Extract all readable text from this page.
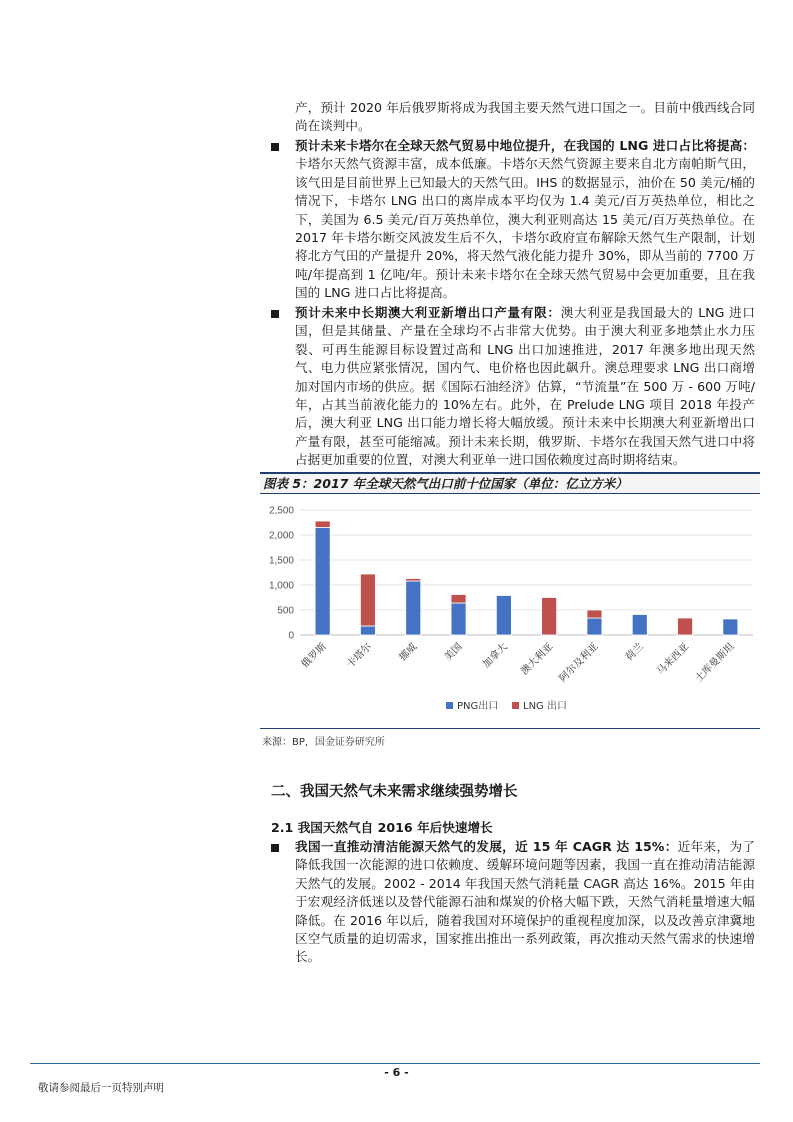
产，预计 2020 年后俄罗斯将成为我国主要天然气进口国之一。目前中俄西线合同尚在谈判中。

预计未来卡塔尔在全球天然气贸易中地位提升，在我国的 LNG 进口占比将提高：卡塔尔天然气资源丰富，成本低廉。卡塔尔天然气资源主要来自北方南帕斯气田，该气田是目前世界上已知最大的天然气田。IHS 的数据显示，油价在 50 美元/桶的情况下，卡塔尔 LNG 出口的离岸成本平均仅为 1.4 美元/百万英热单位，相比之下，美国为 6.5 美元/百万英热单位，澳大利亚则高达 15 美元/百万英热单位。在 2017 年卡塔尔断交风波发生后不久，卡塔尔政府宣布解除天然气生产限制，计划将北方气田的产量提升 20%，将天然气液化能力提升 30%，即从当前的 7700 万吨/年提高到 1 亿吨/年。预计未来卡塔尔在全球天然气贸易中会更加重要，且在我国的 LNG 进口占比将提高。

预计未来中长期澳大利亚新增出口产量有限：澳大利亚是我国最大的 LNG 进口国，但是其储量、产量在全球均不占非常大优势。由于澳大利亚多地禁止水力压裂、可再生能源目标设置过高和 LNG 出口加速推进，2017 年澳多地出现天然气、电力供应紧张情况，国内气、电价格也因此飙升。澳总理要求 LNG 出口商增加对国内市场的供应。据《国际石油经济》估算，“节流量”在 500 万 - 600 万吨/年，占其当前液化能力的 10%左右。此外，在 Prelude LNG 项目 2018 年投产后，澳大利亚 LNG 出口能力增长将大幅放缓。预计未来中长期澳大利亚新增出口产量有限，甚至可能缩减。预计未来长期，俄罗斯、卡塔尔在我国天然气进口中将占据更加重要的位置，对澳大利亚单一进口国依赖度过高时期将结束。

图表 5：2017 年全球天然气出口前十位国家（单位：亿立方米）
0
500
1,000
1,500
2,000
2,500
俄罗斯 卡塔尔 挪威 美国 加拿大 澳大利亚 阿尔及利亚 荷兰 马来西亚 土库曼斯坦
PNG出口 LNG 出口
来源：BP，国金证券研究所
二、我国天然气未来需求继续强势增长
2.1 我国天然气自 2016 年后快速增长

我国一直推动清洁能源天然气的发展，近 15 年 CAGR 达 15%：近年来，为了降低我国一次能源的进口依赖度、缓解环境问题等因素，我国一直在推动清洁能源天然气的发展。2002 - 2014 年我国天然气消耗量 CAGR 高达 16%。2015 年由于宏观经济低迷以及替代能源石油和煤炭的价格大幅下跌，天然气消耗量增速大幅降低。在 2016 年以后，随着我国对环境保护的重视程度加深，以及改善京津冀地区空气质量的迫切需求，国家推出推出一系列政策，再次推动天然气需求的快速增长。

- 6 -
敬请参阅最后一页特别声明
